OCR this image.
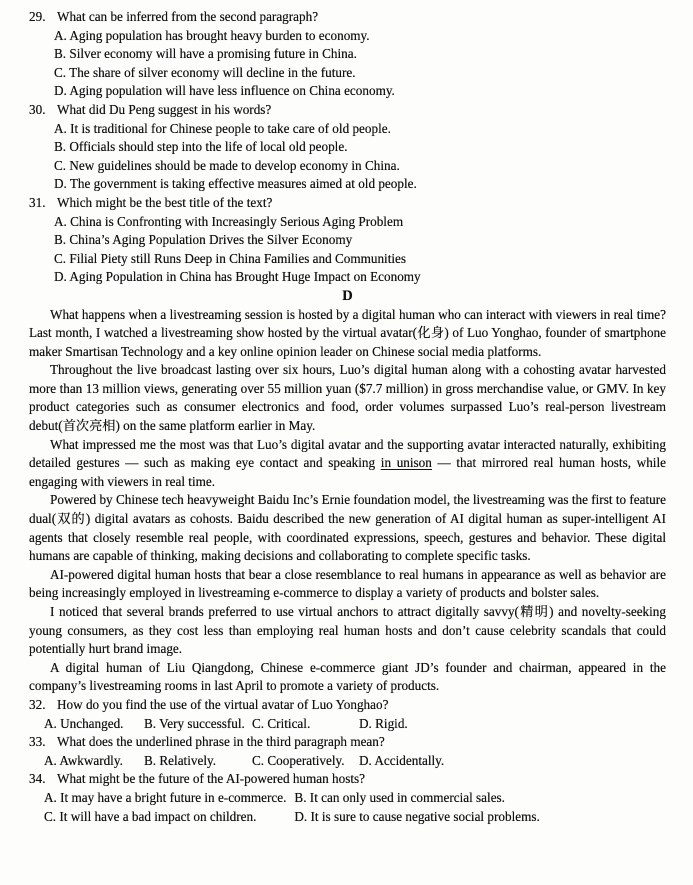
29. What can be inferred from the second paragraph?
A. Aging population has brought heavy burden to economy.
B. Silver economy will have a promising future in China.
C. The share of silver economy will decline in the future.
D. Aging population will have less influence on China economy.
30. What did Du Peng suggest in his words?
A. It is traditional for Chinese people to take care of old people.
B. Officials should step into the life of local old people.
C. New guidelines should be made to develop economy in China.
D. The government is taking effective measures aimed at old people.
31. Which might be the best title of the text?
A. China is Confronting with Increasingly Serious Aging Problem
B. China’s Aging Population Drives the Silver Economy
C. Filial Piety still Runs Deep in China Families and Communities
D. Aging Population in China has Brought Huge Impact on Economy
D

What happens when a livestreaming session is hosted by a digital human who can interact with viewers in real time? Last month, I watched a livestreaming show hosted by the virtual avatar(化身) of Luo Yonghao, founder of smartphone maker Smartisan Technology and a key online opinion leader on Chinese social media platforms.

Throughout the live broadcast lasting over six hours, Luo’s digital human along with a cohosting avatar harvested more than 13 million views, generating over 55 million yuan ($7.7 million) in gross merchandise value, or GMV. In key product categories such as consumer electronics and food, order volumes surpassed Luo’s real-person livestream debut(首次亮相) on the same platform earlier in May.

What impressed me the most was that Luo’s digital avatar and the supporting avatar interacted naturally, exhibiting detailed gestures — such as making eye contact and speaking in unison — that mirrored real human hosts, while engaging with viewers in real time.

Powered by Chinese tech heavyweight Baidu Inc’s Ernie foundation model, the livestreaming was the first to feature dual(双的) digital avatars as cohosts. Baidu described the new generation of AI digital human as super-intelligent AI agents that closely resemble real people, with coordinated expressions, speech, gestures and behavior. These digital humans are capable of thinking, making decisions and collaborating to complete specific tasks.

AI-powered digital human hosts that bear a close resemblance to real humans in appearance as well as behavior are being increasingly employed in livestreaming e-commerce to display a variety of products and bolster sales.

I noticed that several brands preferred to use virtual anchors to attract digitally savvy(精明) and novelty-seeking young consumers, as they cost less than employing real human hosts and don’t cause celebrity scandals that could potentially hurt brand image.

A digital human of Liu Qiangdong, Chinese e-commerce giant JD’s founder and chairman, appeared in the company’s livestreaming rooms in last April to promote a variety of products.

32. How do you find the use of the virtual avatar of Luo Yonghao?
A. Unchanged.	B. Very successful. C. Critical.	D. Rigid.
33. What does the underlined phrase in the third paragraph mean?
A. Awkwardly.	B. Relatively.	C. Cooperatively.	D. Accidentally.
34. What might be the future of the AI-powered human hosts?
A. It may have a bright future in e-commerce. B. It can only used in commercial sales.
C. It will have a bad impact on children.	D. It is sure to cause negative social problems.
